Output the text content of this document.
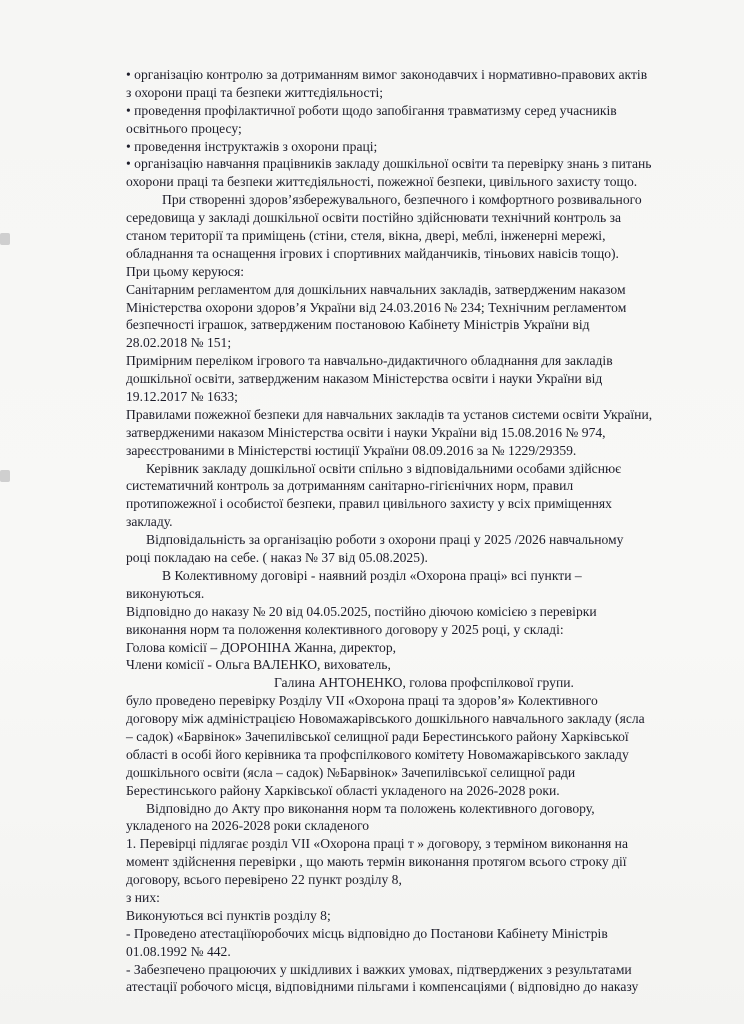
• організацію контролю за дотриманням вимог законодавчих і нормативно-правових актів
з охорони праці та безпеки життєдіяльності;
• проведення профілактичної роботи щодо запобігання травматизму серед учасників
освітнього процесу;
• проведення інструктажів з охорони праці;
• організацію навчання працівників закладу дошкільної освіти та перевірку знань з питань
охорони праці та безпеки життєдіяльності, пожежної безпеки, цивільного захисту тощо.
При створенні здоров’язбережувального, безпечного і комфортного розвивального
середовища у закладі дошкільної освіти постійно здійснювати технічний контроль за
станом території та приміщень (стіни, стеля, вікна, двері, меблі, інженерні мережі,
обладнання та оснащення ігрових і спортивних майданчиків, тіньових навісів тощо).
При цьому керуюся:
Санітарним регламентом для дошкільних навчальних закладів, затвердженим наказом
Міністерства охорони здоров’я України від 24.03.2016 № 234; Технічним регламентом
безпечності іграшок, затвердженим постановою Кабінету Міністрів України від
28.02.2018 № 151;
Примірним переліком ігрового та навчально-дидактичного обладнання для закладів
дошкільної освіти, затвердженим наказом Міністерства освіти і науки України від
19.12.2017 № 1633;
Правилами пожежної безпеки для навчальних закладів та установ системи освіти України,
затвердженими наказом Міністерства освіти і науки України від 15.08.2016 № 974,
зареєстрованими в Міністерстві юстиції України 08.09.2016 за № 1229/29359.
Керівник закладу дошкільної освіти спільно з відповідальними особами здійснює
систематичний контроль за дотриманням санітарно-гігієнічних норм, правил
протипожежної і особистої безпеки, правил цивільного захисту у всіх приміщеннях
закладу.
Відповідальність за організацію роботи з охорони праці у 2025 /2026 навчальному
році покладаю на себе. ( наказ № 37 від 05.08.2025).
В Колективному договірі - наявний розділ «Охорона праці» всі пункти –
виконуються.
Відповідно до наказу № 20 від 04.05.2025, постійно діючою комісією з перевірки
виконання норм та положення колективного договору у 2025 році, у складі:
Голова комісії – ДОРОНІНА Жанна, директор,
Члени комісії - Ольга ВАЛЕНКО, вихователь,
Галина АНТОНЕНКО, голова профспілкової групи.
було проведено перевірку Розділу VII «Охорона праці та здоров’я» Колективного
договору між адміністрацією Новомажарівського дошкільного навчального закладу (ясла
– садок) «Барвінок» Зачепилівської селищної ради Берестинського району Харківської
області в особі його керівника та профспілкового комітету Новомажарівського закладу
дошкільного освіти (ясла – садок) №Барвінок» Зачепилівської селищної ради
Берестинського району Харківської області укладеного на 2026-2028 роки.
Відповідно до Акту про виконання норм та положень колективного договору,
укладеного на 2026-2028 роки складеного
1. Перевірці підлягає розділ VII «Охорона праці т » договору, з терміном виконання на
момент здійснення перевірки , що мають термін виконання протягом всього строку дії
договору, всього перевірено 22 пункт розділу 8,
з них:
Виконуються всі пунктів розділу 8;
- Проведено атестаціїюробочих місць відповідно до Постанови Кабінету Міністрів
01.08.1992 № 442.
- Забезпечено працюючих у шкідливих і важких умовах, підтверджених з результатами
атестації робочого місця, відповідними пільгами і компенсаціями ( відповідно до наказу
